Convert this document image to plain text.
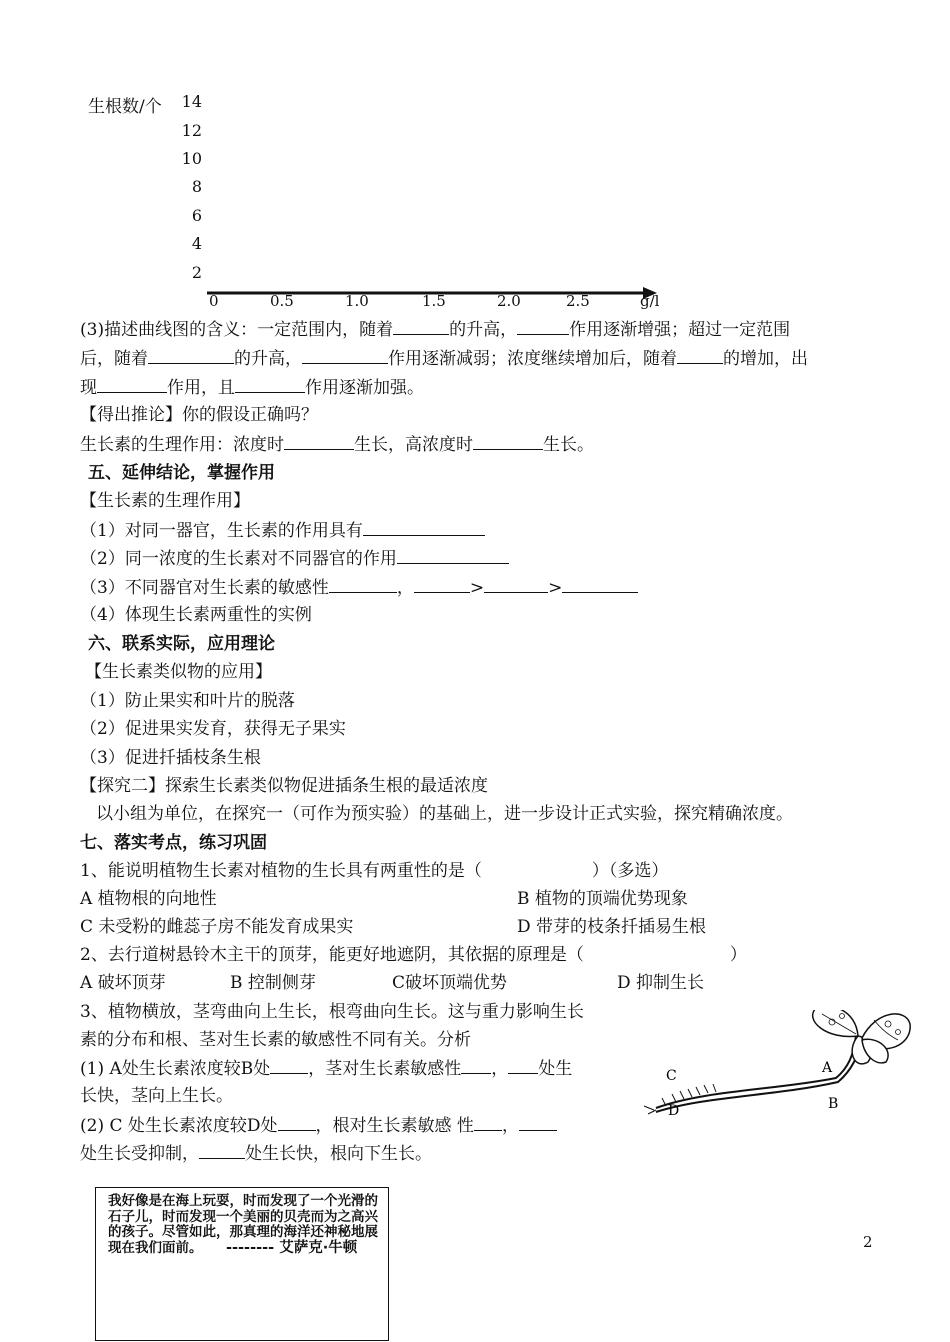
生根数/个	14
12
10
8
6
4
2
0	0.5	1.0	1.5	2.0	2.5	g/l
(3)描述曲线图的含义：一定范围内，随着	的升高，	作用逐渐增强；超过一定范围
后，随着	的升高，	作用逐渐减弱；浓度继续增加后，随着	的增加，出
现	作用，且	作用逐渐加强。
【得出推论】你的假设正确吗？
生长素的生理作用：浓度时	生长，高浓度时	生长。
五、延伸结论，掌握作用
【生长素的生理作用】
（1）对同一器官，生长素的作用具有
（2）同一浓度的生长素对不同器官的作用
（3）不同器官对生长素的敏感性	，	>	>
（4）体现生长素两重性的实例
六、联系实际，应用理论
【生长素类似物的应用】
（1）防止果实和叶片的脱落
（2）促进果实发育，获得无子果实
（3）促进扦插枝条生根
【探究二】探索生长素类似物促进插条生根的最适浓度
以小组为单位，在探究一（可作为预实验）的基础上，进一步设计正式实验，探究精确浓度。
七、落实考点，练习巩固
1、能说明植物生长素对植物的生长具有两重性的是（	）（多选）
A 植物根的向地性	B 植物的顶端优势现象
C 未受粉的雌蕊子房不能发育成果实	D 带芽的枝条扦插易生根
2、去行道树悬铃木主干的顶芽，能更好地遮阴，其依据的原理是（	）
A 破坏顶芽	B 控制侧芽	C破坏顶端优势	D 抑制生长
3、植物横放，茎弯曲向上生长，根弯曲向生长。这与重力影响生长
素的分布和根、茎对生长素的敏感性不同有关。分析
(1) A处生长素浓度较B处 ，茎对生长素敏感性 ， 处生
长快，茎向上生长。
(2) C 处生长素浓度较D处 ，根对生长素敏感 性 ，
处生长受抑制，	处生长快，根向下生长。
C	A
D	B
我好像是在海上玩耍，时而发现了一个光滑的石子儿，时而发现一个美丽的贝壳而为之高兴的孩子。尽管如此，那真理的海洋还神秘地展现在我们面前。 -------- 艾萨克·牛顿	2
